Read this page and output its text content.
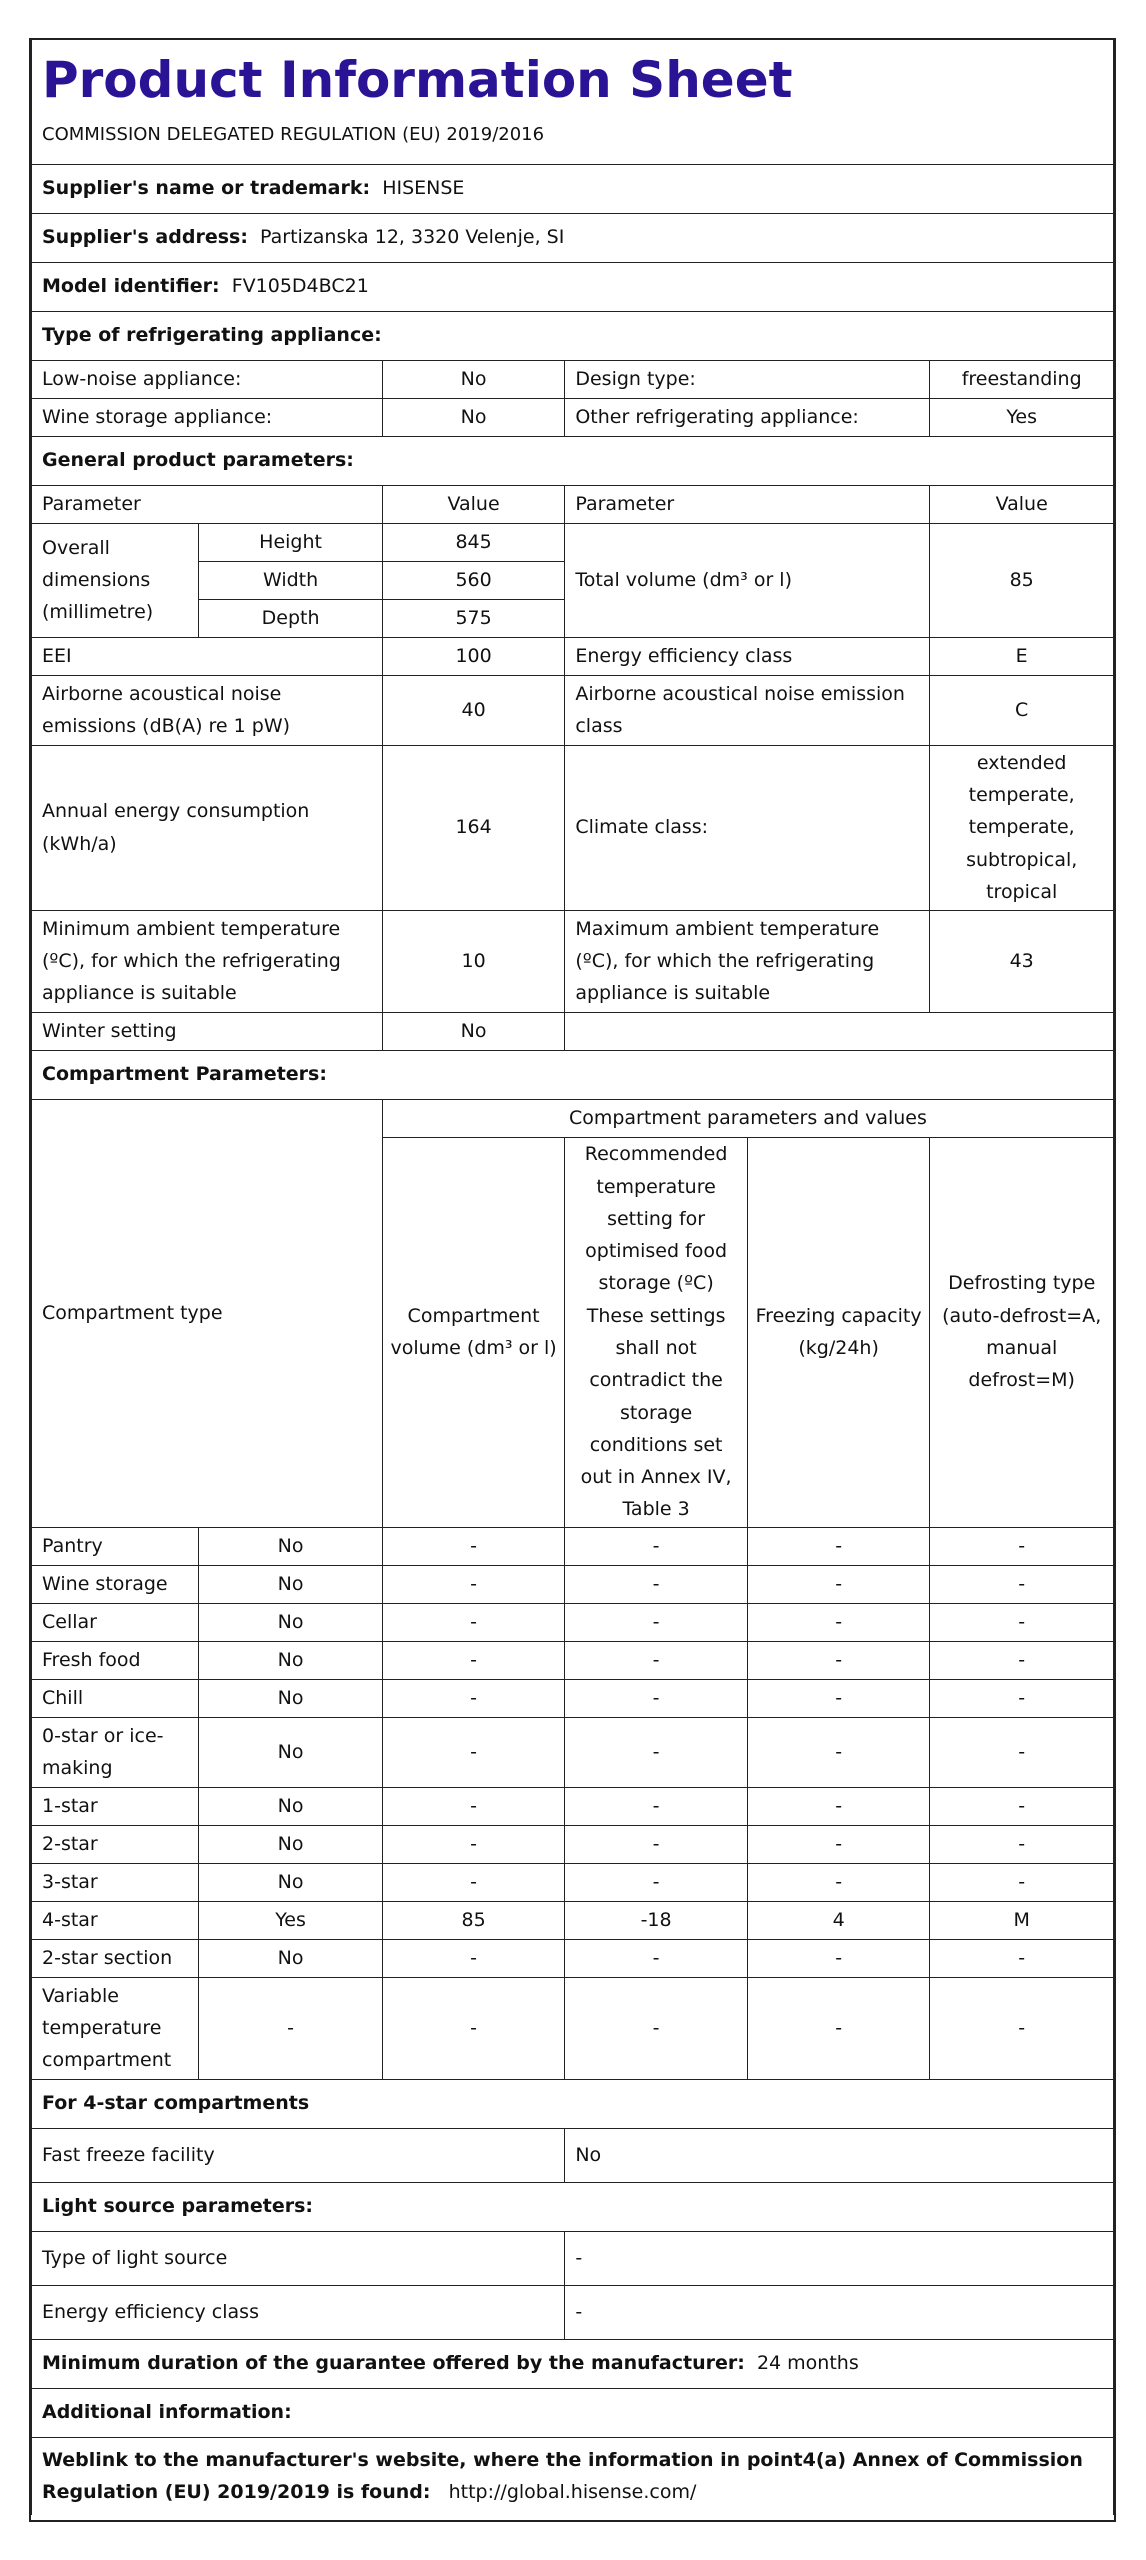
Product Information Sheet
COMMISSION DELEGATED REGULATION (EU) 2019/2016					

Supplier's name or trademark: HISENSE					
Supplier's address: Partizanska 12, 3320 Velenje, SI					
Model identifier: FV105D4BC21					
Type of refrigerating appliance:					
Low-noise appliance:		No	Design type:		freestanding
Wine storage appliance:		No	Other refrigerating appliance:		Yes
General product parameters:					
Parameter		Value	Parameter		Value
Overall dimensions (millimetre)	Height	845	Total volume (dm³ or l)		85
	Width	560			
	Depth	575			
EEI		100	Energy efficiency class		E
Airborne acoustical noise emissions (dB(A) re 1 pW)		40	Airborne acoustical noise emission class		C
Annual energy consumption (kWh/a)		164	Climate class:		extended temperate, temperate, subtropical, tropical
Minimum ambient temperature (ºC), for which the refrigerating appliance is suitable		10	Maximum ambient temperature (ºC), for which the refrigerating appliance is suitable		43
Winter setting		No			
Compartment Parameters:					
Compartment type		Compartment parameters and values			
		Compartment volume (dm³ or l)	Recommended temperature setting for optimised food storage (ºC) These settings shall not contradict the storage conditions set out in Annex IV, Table 3	Freezing capacity (kg/24h)	Defrosting type (auto-defrost=A, manual defrost=M)
Pantry	No	-	-	-	-
Wine storage	No	-	-	-	-
Cellar	No	-	-	-	-
Fresh food	No	-	-	-	-
Chill	No	-	-	-	-
0-star or ice-making	No	-	-	-	-
1-star	No	-	-	-	-
2-star	No	-	-	-	-
3-star	No	-	-	-	-
4-star	Yes	85	-18	4	M
2-star section	No	-	-	-	-
Variable temperature compartment	-	-	-	-	-
For 4-star compartments					
Fast freeze facility			No		
Light source parameters:					
Type of light source			-		
Energy efficiency class			-		
Minimum duration of the guarantee offered by the manufacturer: 24 months					
Additional information:					
Weblink to the manufacturer's website, where the information in point4(a) Annex of Commission Regulation (EU) 2019/2019 is found: http://global.hisense.com/					
